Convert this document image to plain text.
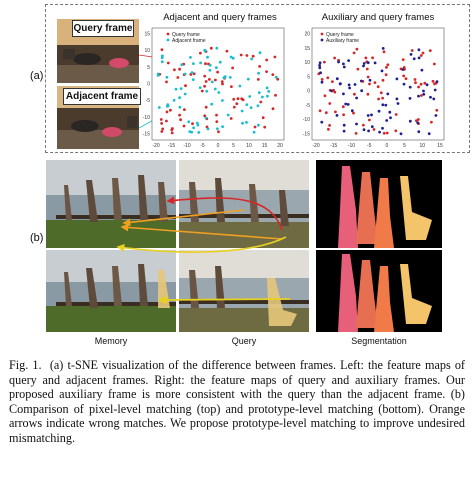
(a)
(b)
Query frame
Adjacent frame
Adjacent and query frames	Auxiliary and query frames
Query frame
Adjacent frame
-20 -15 -10 -5 0	5 10 15 20
15
10
5
0
-5
-10
-15
Query frame
Auxiliary frame
-20 -15 -10 -5	0	5	10 15
20
15
10
5
0
-5
-10
-15
Memory	Query	Segmentation
Fig. 1. (a) t-SNE visualization of the difference between frames. Left: the feature maps of query and adjacent frames. Right: the feature maps of query and auxiliary frames. Our proposed auxiliary frame is more consistent with the query than the adjacent frame. (b) Comparison of pixel-level matching (top) and prototype-level matching (bottom). Orange arrows indicate wrong matches. We propose prototype-level matching to improve undesired mismatching.
